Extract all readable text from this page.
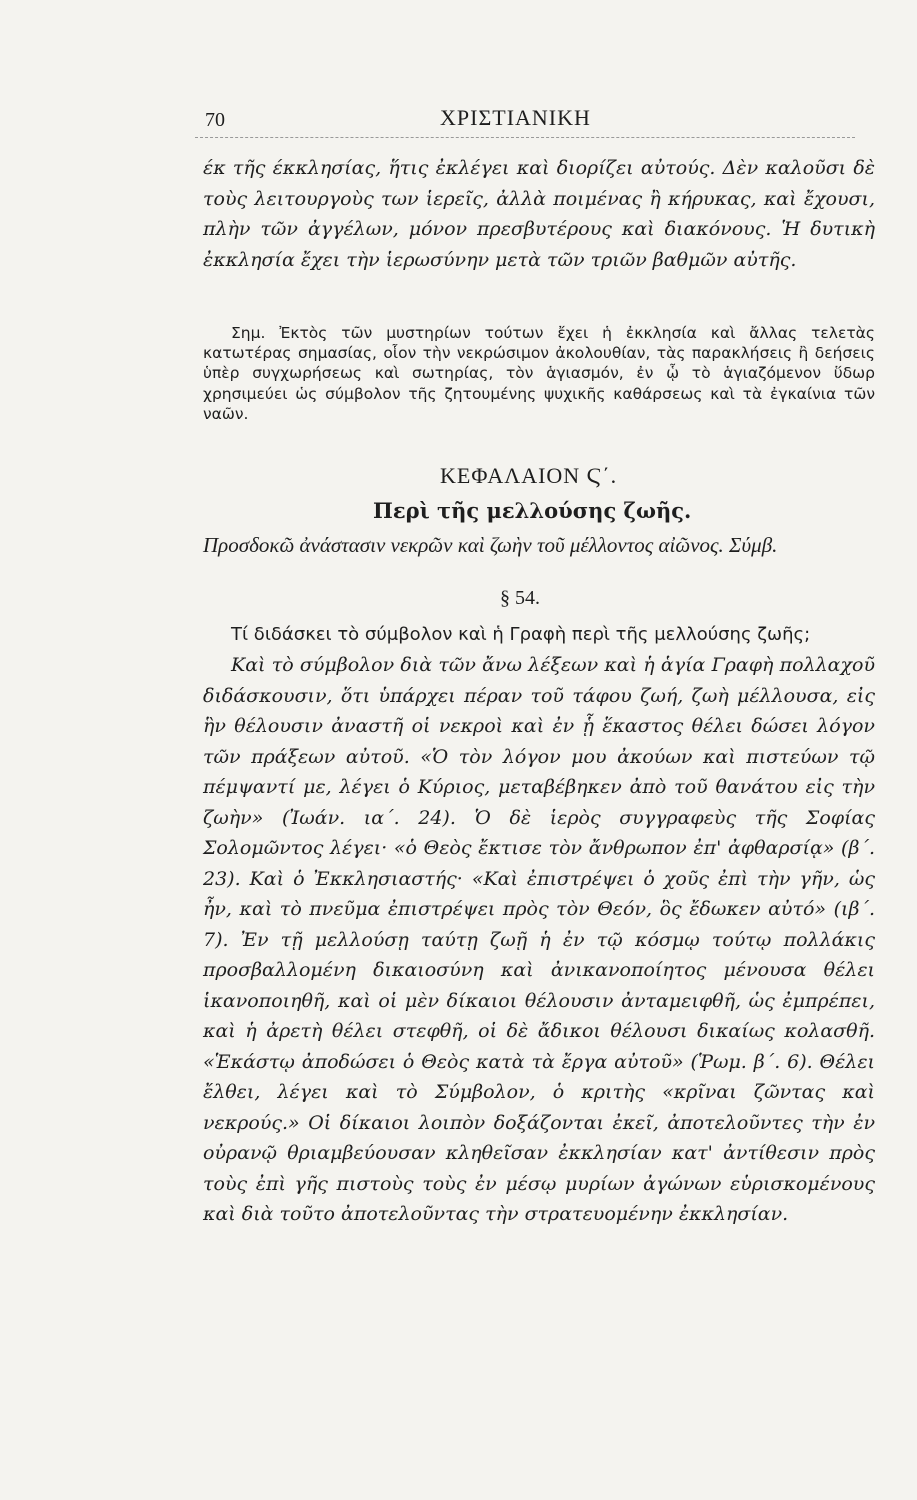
70	ΧΡΙΣΤΙΑΝΙΚΗ

έκ τῆς έκκλησίας, ἥτις ἐκλέγει καὶ διορίζει αὐτούς. Δὲν καλοῦσι δὲ τοὺς λειτουργοὺς των ἱερεῖς, ἀλλὰ ποιμένας ἢ κήρυκας, καὶ ἔχουσι, πλὴν τῶν ἀγγέλων, μόνον πρεσβυτέρους καὶ διακόνους. Ἡ δυτικὴ ἐκκλησία ἔχει τὴν ἱερωσύνην μετὰ τῶν τριῶν βαθμῶν αὐτῆς.

Σημ. Ἐκτὸς τῶν μυστηρίων τούτων ἔχει ἡ ἐκκλησία καὶ ἄλλας τελετὰς κατωτέρας σημασίας, οἷον τὴν νεκρώσιμον ἀκολουθίαν, τὰς παρακλήσεις ἢ δεήσεις ὑπὲρ συγχωρήσεως καὶ σωτηρίας, τὸν ἁγιασμόν, ἐν ᾧ τὸ ἁγιαζόμενον ὕδωρ χρησιμεύει ὡς σύμβολον τῆς ζητουμένης ψυχικῆς καθάρσεως καὶ τὰ ἐγκαίνια τῶν ναῶν.

ΚΕΦΑΛΑΙΟΝ Ϛ΄.
Περὶ τῆς μελλούσης ζωῆς.
Προσδοκῶ ἀνάστασιν νεκρῶν καὶ ζωὴν τοῦ μέλλοντος αἰῶνος. Σύμβ.
§ 54.
Τί διδάσκει τὸ σύμβολον καὶ ἡ Γραφὴ περὶ τῆς μελλούσης ζωῆς;

Καὶ τὸ σύμβολον διὰ τῶν ἄνω λέξεων καὶ ἡ ἁγία Γραφὴ πολλαχοῦ διδάσκουσιν, ὅτι ὑπάρχει πέραν τοῦ τάφου ζωή, ζωὴ μέλλουσα, εἰς ἣν θέλουσιν ἀναστῆ οἱ νεκροὶ καὶ ἐν ᾗ ἕκαστος θέλει δώσει λόγον τῶν πράξεων αὐτοῦ. «Ὁ τὸν λόγον μου ἀκούων καὶ πιστεύων τῷ πέμψαντί με, λέγει ὁ Κύριος, μεταβέβηκεν ἀπὸ τοῦ θανάτου εἰς τὴν ζωὴν» (Ἰωάν. ια΄. 24). Ὁ δὲ ἱερὸς συγγραφεὺς τῆς Σοφίας Σολομῶντος λέγει· «ὁ Θεὸς ἔκτισε τὸν ἄνθρωπον ἐπ' ἀφθαρσίᾳ» (β΄. 23). Καὶ ὁ Ἐκκλησιαστής· «Καὶ ἐπιστρέψει ὁ χοῦς ἐπὶ τὴν γῆν, ὡς ἦν, καὶ τὸ πνεῦμα ἐπιστρέψει πρὸς τὸν Θεόν, ὃς ἔδωκεν αὐτό» (ιβ΄. 7). Ἐν τῇ μελλούσῃ ταύτῃ ζωῇ ἡ ἐν τῷ κόσμῳ τούτῳ πολλάκις προσβαλλομένη δικαιοσύνη καὶ ἀνικανοποίητος μένουσα θέλει ἱκανοποιηθῆ, καὶ οἱ μὲν δίκαιοι θέλουσιν ἀνταμειφθῆ, ὡς ἐμπρέπει, καὶ ἡ ἀρετὴ θέλει στεφθῆ, οἱ δὲ ἄδικοι θέλουσι δικαίως κολασθῆ. «Ἑκάστῳ ἀποδώσει ὁ Θεὸς κατὰ τὰ ἔργα αὐτοῦ» (Ῥωμ. β΄. 6). Θέλει ἔλθει, λέγει καὶ τὸ Σύμβολον, ὁ κριτὴς «κρῖναι ζῶντας καὶ νεκρούς.» Οἱ δίκαιοι λοιπὸν δοξάζονται ἐκεῖ, ἀποτελοῦντες τὴν ἐν οὐρανῷ θριαμβεύουσαν κληθεῖσαν ἐκκλησίαν κατ' ἀντίθεσιν πρὸς τοὺς ἐπὶ γῆς πιστοὺς τοὺς ἐν μέσῳ μυρίων ἀγώνων εὑρισκομένους καὶ διὰ τοῦτο ἀποτελοῦντας τὴν στρατευομένην ἐκκλησίαν.
